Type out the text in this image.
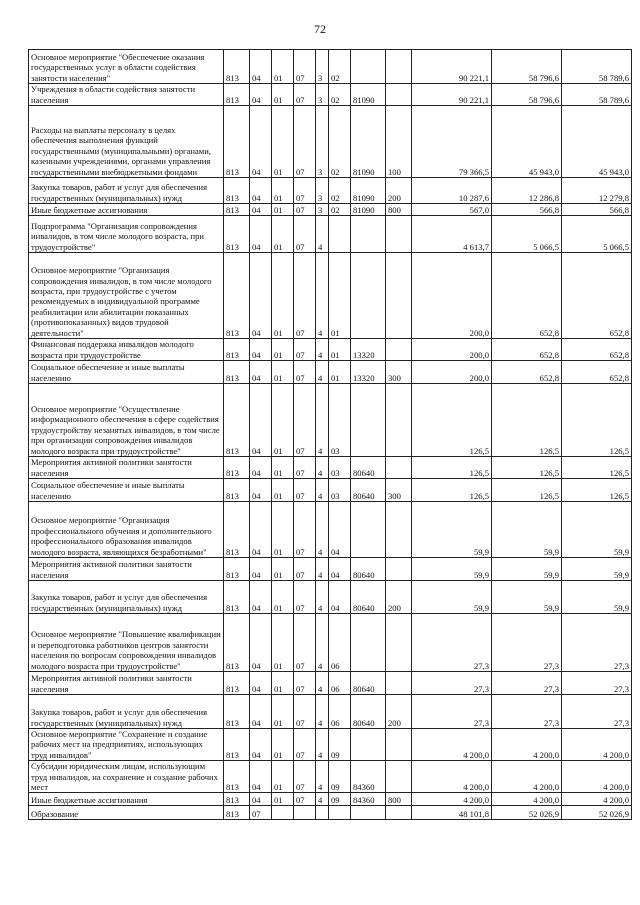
72
Основное мероприятие "Обеспечение оказания государственных услуг в области содействия занятости населения"	813	04	01	07	3	02			90 221,1	58 796,6	58 789,6
Учреждения в области содействия занятости населения	813	04	01	07	3	02	81090		90 221,1	58 796,6	58 789,6
Расходы на выплаты персоналу в целях обеспечения выполнения функций государственными (муниципальными) органами, казенными учреждениями, органами управления государственными внебюджетными фондами	813	04	01	07	3	02	81090	100	79 366,5	45 943,0	45 943,0
Закупка товаров, работ и услуг для обеспечения государственных (муниципальных) нужд	813	04	01	07	3	02	81090	200	10 287,6	12 286,8	12 279,8
Иные бюджетные ассигнования	813	04	01	07	3	02	81090	800	567,0	566,8	566,8
Подпрограмма "Организация сопровождения инвалидов, в том числе молодого возраста, при трудоустройстве"	813	04	01	07	4				4 613,7	5 066,5	5 066,5
Основное мероприятие "Организация сопровождения инвалидов, в том числе молодого возраста, при трудоустройстве с учетом рекомендуемых в индивидуальной программе реабилитации или абилитации показанных (противопоказанных) видов трудовой деятельности"	813	04	01	07	4	01			200,0	652,8	652,8
Финансовая поддержка инвалидов молодого возраста при трудоустройстве	813	04	01	07	4	01	13320		200,0	652,8	652,8
Социальное обеспечение и иные выплаты населению	813	04	01	07	4	01	13320	300	200,0	652,8	652,8
Основное мероприятие "Осуществление информационного обеспечения в сфере содействия трудоустройству незанятых инвалидов, в том числе при организации сопровождения инвалидов молодого возраста при трудоустройстве"	813	04	01	07	4	03			126,5	126,5	126,5
Мероприятия активной политики занятости населения	813	04	01	07	4	03	80640		126,5	126,5	126,5
Социальное обеспечение и иные выплаты населению	813	04	01	07	4	03	80640	300	126,5	126,5	126,5
Основное мероприятие "Организация профессионального обучения и дополнительного профессионального образования инвалидов молодого возраста, являющихся безработными"	813	04	01	07	4	04			59,9	59,9	59,9
Мероприятия активной политики занятости населения	813	04	01	07	4	04	80640		59,9	59,9	59,9
Закупка товаров, работ и услуг для обеспечения государственных (муниципальных) нужд	813	04	01	07	4	04	80640	200	59,9	59,9	59,9
Основное мероприятие "Повышение квалификации и переподготовка работников центров занятости населения по вопросам сопровождения инвалидов молодого возраста при трудоустройстве"	813	04	01	07	4	06			27,3	27,3	27,3
Мероприятия активной политики занятости населения	813	04	01	07	4	06	80640		27,3	27,3	27,3
Закупка товаров, работ и услуг для обеспечения государственных (муниципальных) нужд	813	04	01	07	4	06	80640	200	27,3	27,3	27,3
Основное мероприятие "Сохранение и создание рабочих мест на предприятиях, использующих труд инвалидов"	813	04	01	07	4	09			4 200,0	4 200,0	4 200,0
Субсидии юридическим лицам, использующим труд инвалидов, на сохранение и создание рабочих мест	813	04	01	07	4	09	84360		4 200,0	4 200,0	4 200,0
Иные бюджетные ассигнования	813	04	01	07	4	09	84360	800	4 200,0	4 200,0	4 200,0
Образование	813	07							48 101,8	52 026,9	52 026,9
